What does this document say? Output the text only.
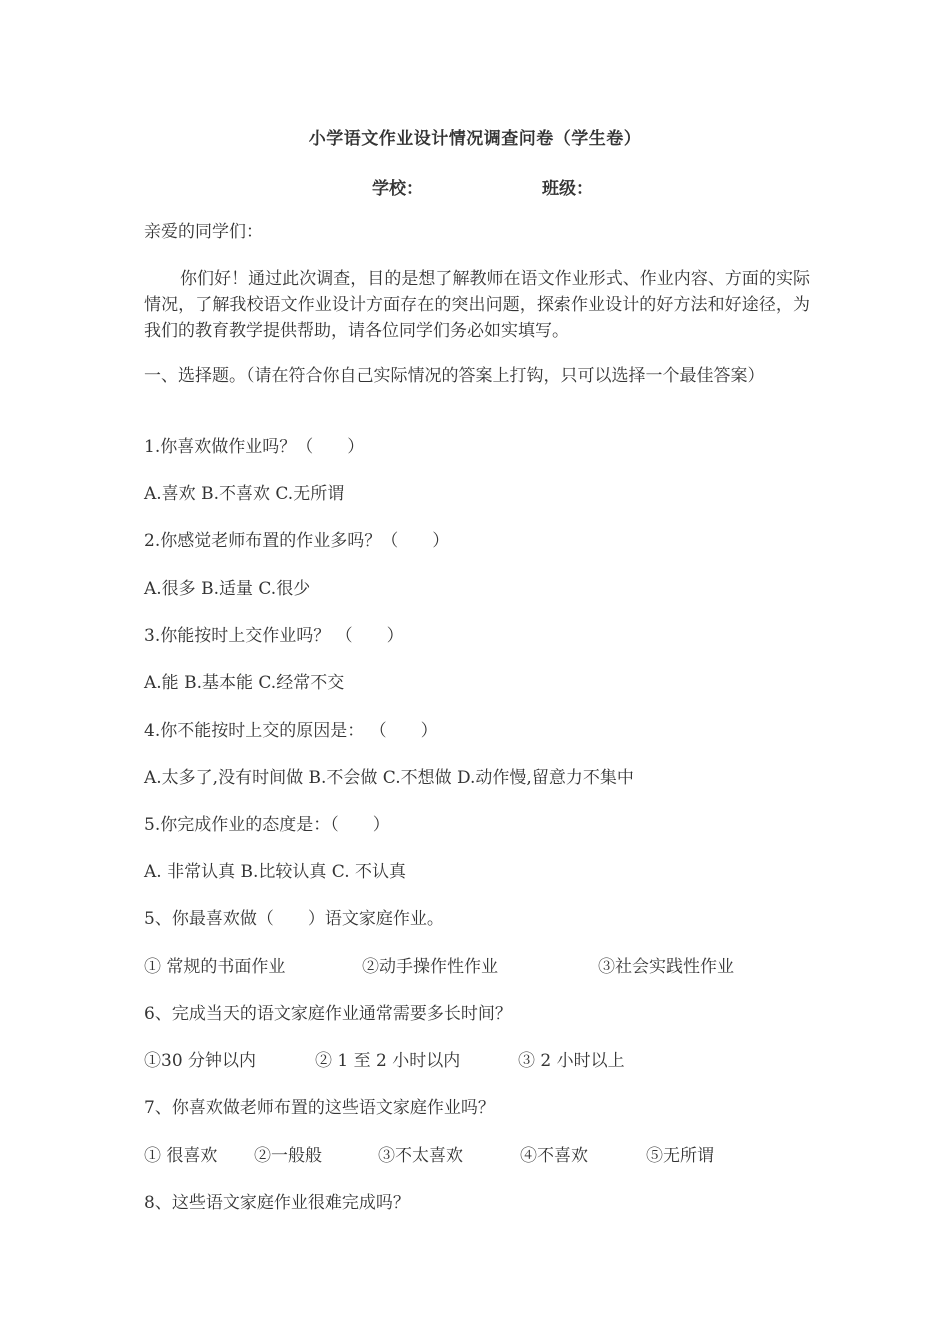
小学语文作业设计情况调查问卷（学生卷）
学校：	班级：
亲爱的同学们：
你们好！通过此次调查，目的是想了解教师在语文作业形式、作业内容、方面的实际情况，了解我校语文作业设计方面存在的突出问题，探索作业设计的好方法和好途径，为我们的教育教学提供帮助，请各位同学们务必如实填写。
一、选择题。（请在符合你自己实际情况的答案上打钩，只可以选择一个最佳答案）
1.你喜欢做作业吗？（　　）
A.喜欢 B.不喜欢 C.无所谓
2.你感觉老师布置的作业多吗？（　　）
A.很多 B.适量 C.很少
3.你能按时上交作业吗？ （　　）
A.能 B.基本能 C.经常不交
4.你不能按时上交的原因是： （　　）
A.太多了,没有时间做 B.不会做 C.不想做 D.动作慢,留意力不集中
5.你完成作业的态度是：（　　）
A. 非常认真 B.比较认真 C. 不认真
5、你最喜欢做（　　）语文家庭作业。
① 常规的书面作业	②动手操作性作业	③社会实践性作业
6、完成当天的语文家庭作业通常需要多长时间？
①30 分钟以内	② 1 至 2 小时以内	③ 2 小时以上
7、你喜欢做老师布置的这些语文家庭作业吗？
① 很喜欢 ②一般般	③不太喜欢	④不喜欢	⑤无所谓
8、这些语文家庭作业很难完成吗？
